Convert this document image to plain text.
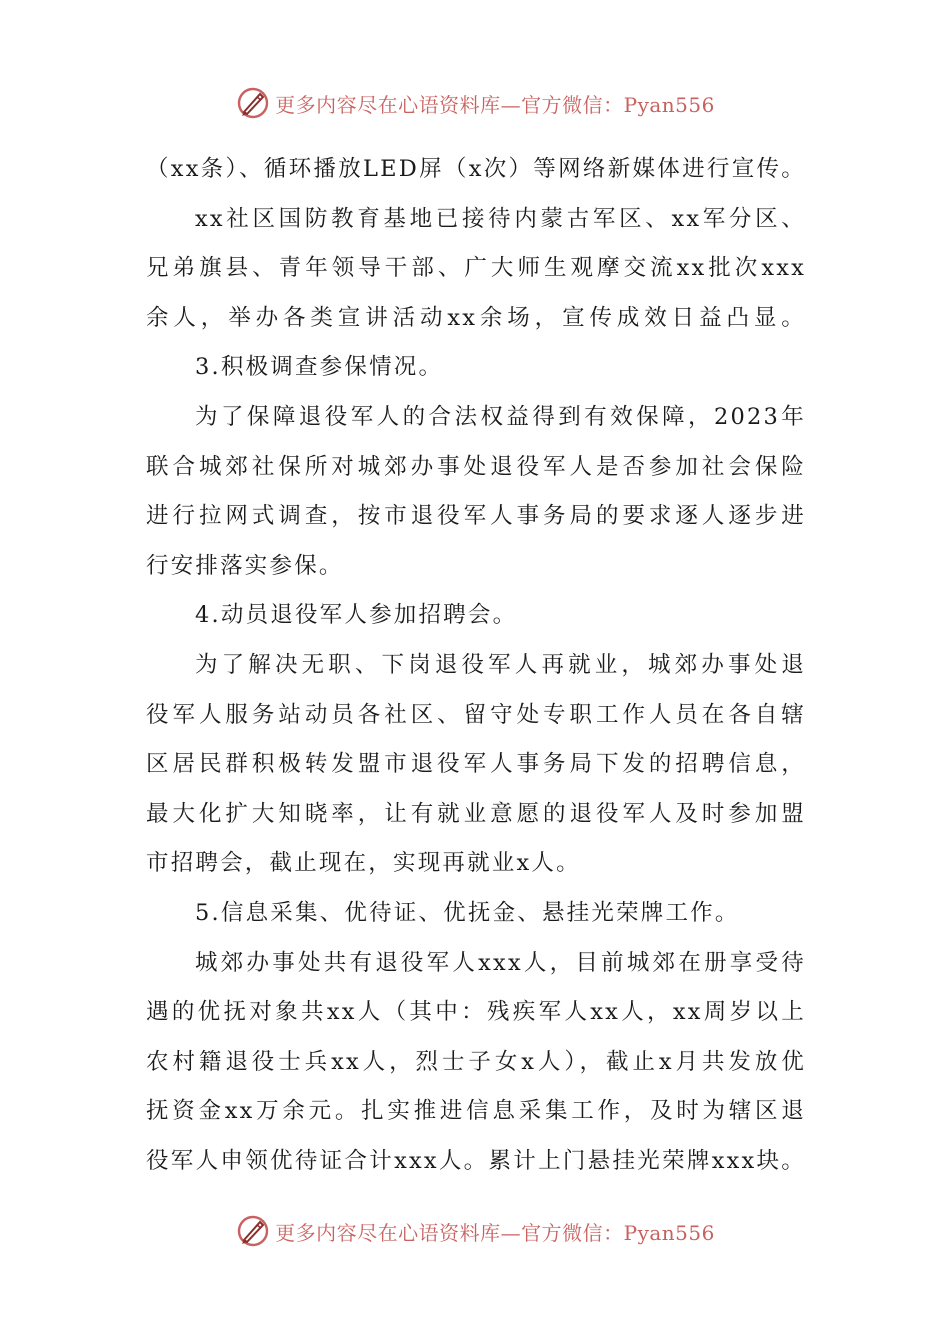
更多内容尽在心语资料库—官方微信：Pyan556
（xx条）、循环播放LED屏（x次）等网络新媒体进行宣传。
xx社区国防教育基地已接待内蒙古军区、xx军分区、
兄弟旗县、青年领导干部、广大师生观摩交流xx批次xxx
余人，举办各类宣讲活动xx余场，宣传成效日益凸显。
3.积极调查参保情况。
为了保障退役军人的合法权益得到有效保障，2023年
联合城郊社保所对城郊办事处退役军人是否参加社会保险
进行拉网式调查，按市退役军人事务局的要求逐人逐步进
行安排落实参保。
4.动员退役军人参加招聘会。
为了解决无职、下岗退役军人再就业，城郊办事处退
役军人服务站动员各社区、留守处专职工作人员在各自辖
区居民群积极转发盟市退役军人事务局下发的招聘信息，
最大化扩大知晓率，让有就业意愿的退役军人及时参加盟
市招聘会，截止现在，实现再就业x人。
5.信息采集、优待证、优抚金、悬挂光荣牌工作。
城郊办事处共有退役军人xxx人，目前城郊在册享受待
遇的优抚对象共xx人（其中：残疾军人xx人，xx周岁以上
农村籍退役士兵xx人，烈士子女x人），截止x月共发放优
抚资金xx万余元。扎实推进信息采集工作，及时为辖区退
役军人申领优待证合计xxx人。累计上门悬挂光荣牌xxx块。
更多内容尽在心语资料库—官方微信：Pyan556
